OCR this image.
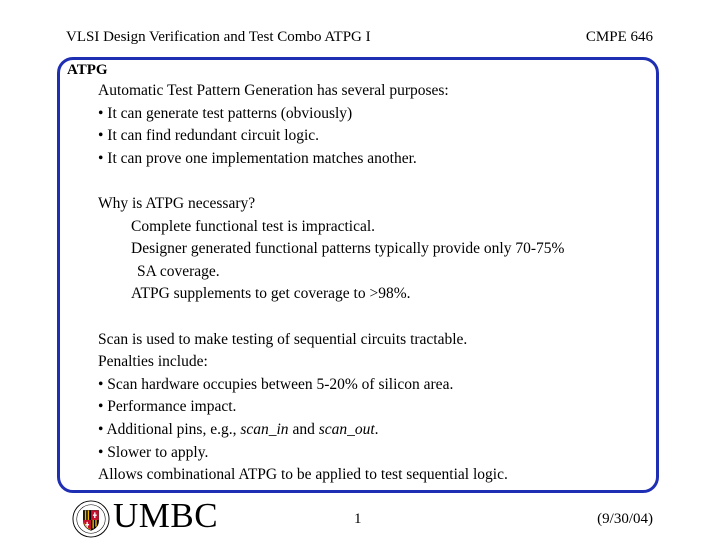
VLSI Design Verification and Test Combo ATPG I	CMPE 646
ATPG
Automatic Test Pattern Generation has several purposes:
• It can generate test patterns (obviously)
• It can find redundant circuit logic.
• It can prove one implementation matches another.
Why is ATPG necessary?
Complete functional test is impractical.
Designer generated functional patterns typically provide only 70-75%
SA coverage.
ATPG supplements to get coverage to >98%.
Scan is used to make testing of sequential circuits tractable.
Penalties include:
• Scan hardware occupies between 5-20% of silicon area.
• Performance impact.
• Additional pins, e.g., scan_in and scan_out.
• Slower to apply.
Allows combinational ATPG to be applied to test sequential logic.
UMBC	1	(9/30/04)
